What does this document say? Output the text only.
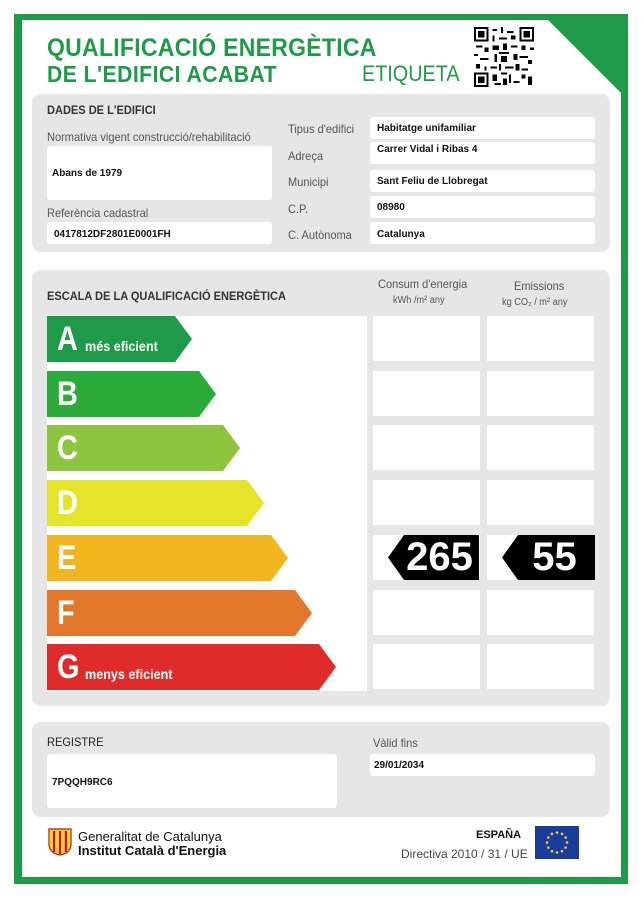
QUALIFICACIÓ ENERGÈTICA
DE L'EDIFICI ACABAT	ETIQUETA
DADES DE L'EDIFICI
Normativa vigent construcció/rehabilitació
Abans de 1979
Referència cadastral
0417812DF2801E0001FH
Tipus d'edifici Habitatge unifamiliar
Adreça	Carrer Vidal i Ribas 4
Municipi	Sant Feliu de Llobregat
C.P.	08980
C. Autònoma	Catalunya
ESCALA DE LA QUALIFICACIÓ ENERGÈTICA
Consum d'energia
kWh /m² any
Emissions
kg CO₂ / m² any
A més eficient
B
C
D
E
F
G menys eficient
265	55
REGISTRE
7PQQH9RC6
Vàlid fins
29/01/2034
Generalitat de Catalunya
Institut Català d'Energia
ESPAÑA
Directiva 2010 / 31 / UE
